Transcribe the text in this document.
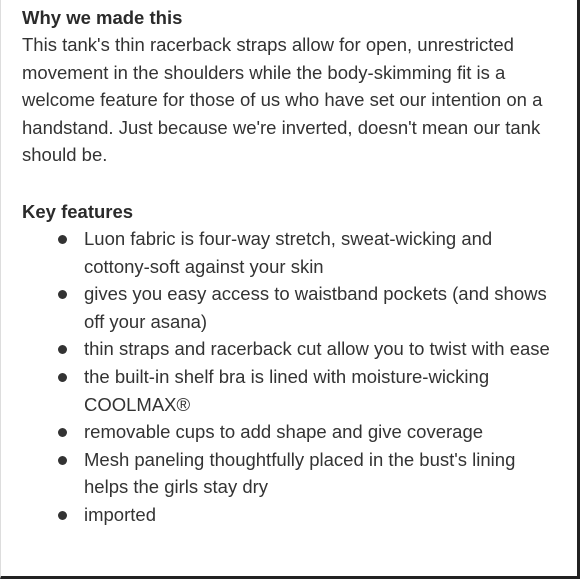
Why we made this

This tank's thin racerback straps allow for open, unrestricted movement in the shoulders while the body-skimming fit is a welcome feature for those of us who have set our intention on a handstand. Just because we're inverted, doesn't mean our tank should be.

Key features
Luon fabric is four-way stretch, sweat-wicking and cottony-soft against your skin
gives you easy access to waistband pockets (and shows off your asana)
thin straps and racerback cut allow you to twist with ease
the built-in shelf bra is lined with moisture-wicking COOLMAX®
removable cups to add shape and give coverage
Mesh paneling thoughtfully placed in the bust's lining helps the girls stay dry
imported
